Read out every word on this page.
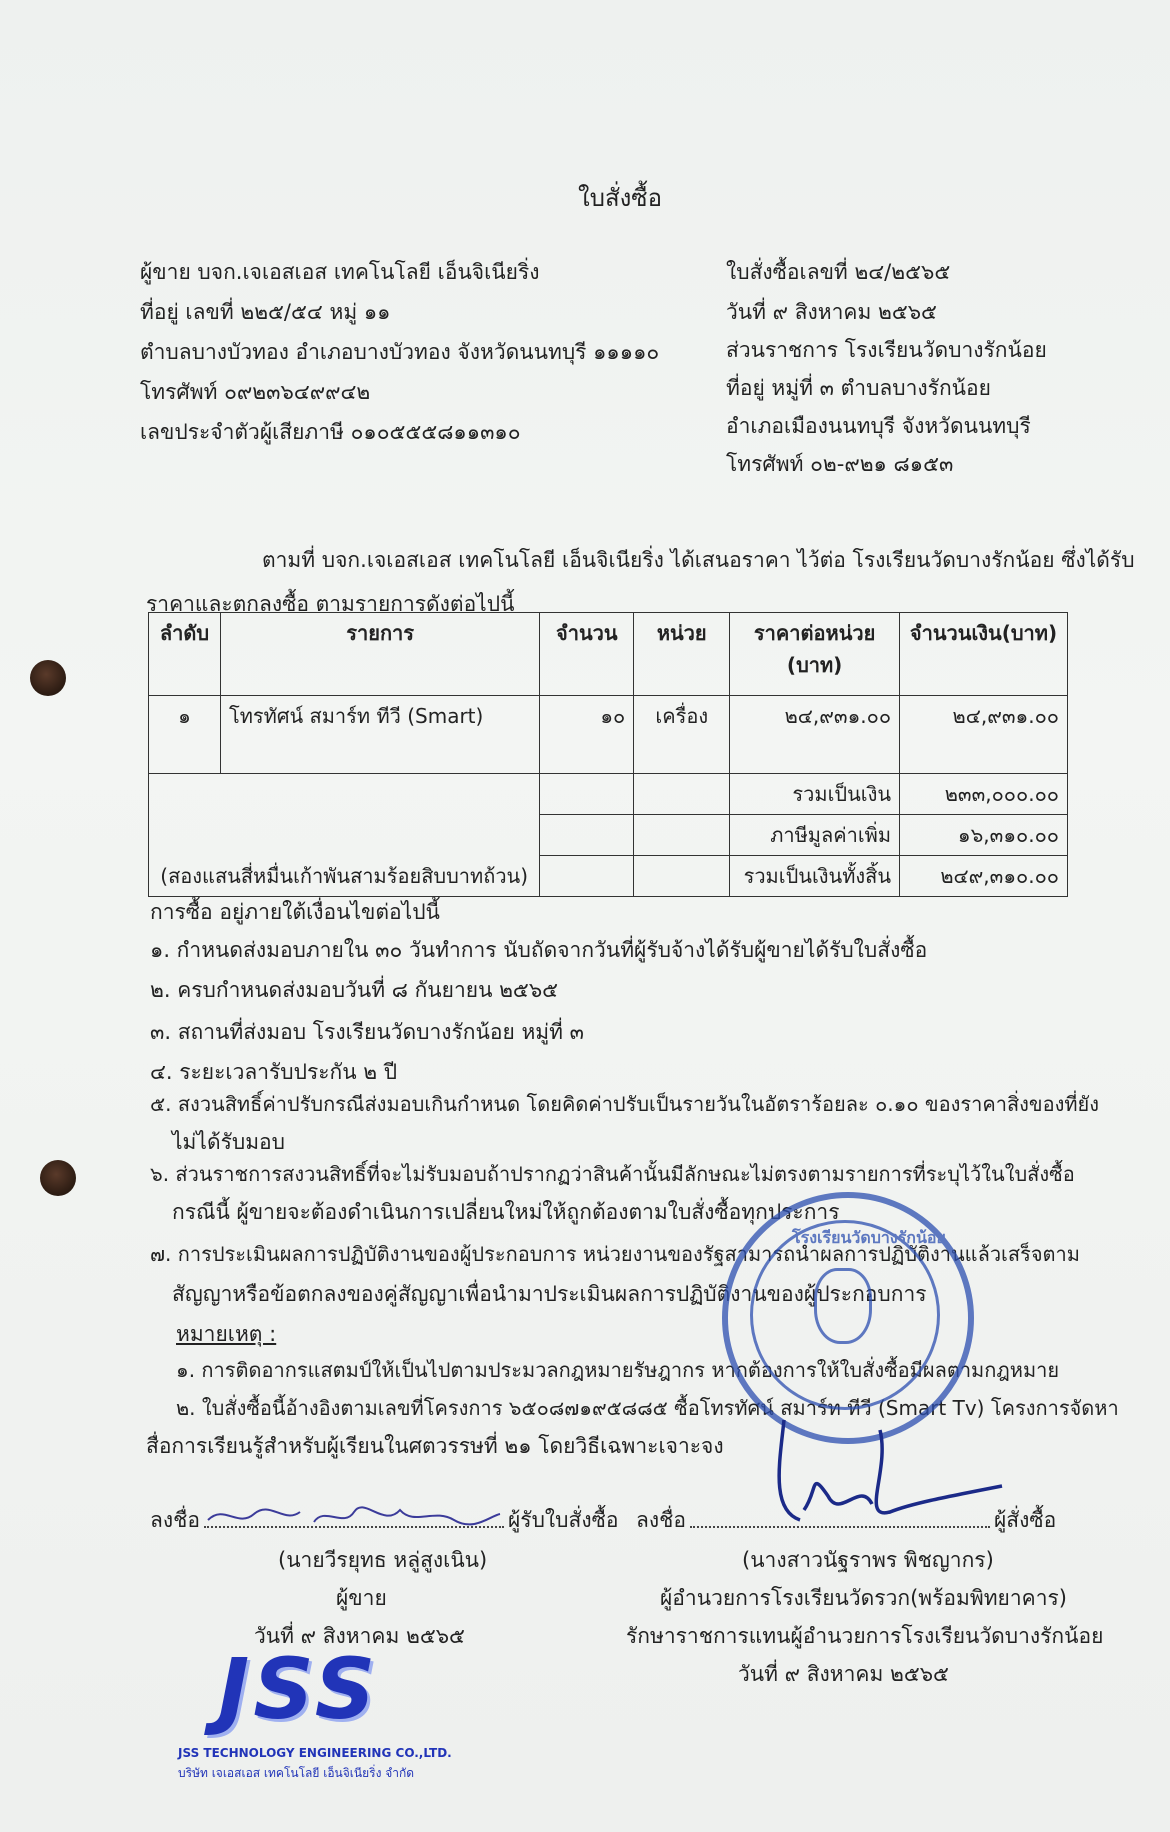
ใบสั่งซื้อ
ผู้ขาย บจก.เจเอสเอส เทคโนโลยี เอ็นจิเนียริ่ง
ที่อยู่ เลขที่ ๒๒๕/๕๔ หมู่ ๑๑
ตำบลบางบัวทอง อำเภอบางบัวทอง จังหวัดนนทบุรี ๑๑๑๑๐
โทรศัพท์ ๐๙๒๓๖๔๙๙๔๒
เลขประจำตัวผู้เสียภาษี ๐๑๐๕๕๕๘๑๑๓๑๐
ใบสั่งซื้อเลขที่ ๒๔/๒๕๖๕
วันที่ ๙ สิงหาคม ๒๕๖๕
ส่วนราชการ โรงเรียนวัดบางรักน้อย
ที่อยู่ หมู่ที่ ๓ ตำบลบางรักน้อย
อำเภอเมืองนนทบุรี จังหวัดนนทบุรี
โทรศัพท์ ๐๒-๙๒๑ ๘๑๕๓
ตามที่ บจก.เจเอสเอส เทคโนโลยี เอ็นจิเนียริ่ง ได้เสนอราคา ไว้ต่อ โรงเรียนวัดบางรักน้อย ซึ่งได้รับ
ราคาและตกลงซื้อ ตามรายการดังต่อไปนี้
ลำดับ	รายการ	จำนวน	หน่วย	ราคาต่อหน่วย (บาท)	จำนวนเงิน(บาท)
๑	โทรทัศน์ สมาร์ท ทีวี (Smart)	๑๐	เครื่อง	๒๔,๙๓๑.๐๐	๒๔,๙๓๑.๐๐
(สองแสนสี่หมื่นเก้าพันสามร้อยสิบบาทถ้วน)				รวมเป็นเงิน	๒๓๓,๐๐๐.๐๐
				ภาษีมูลค่าเพิ่ม	๑๖,๓๑๐.๐๐
				รวมเป็นเงินทั้งสิ้น	๒๔๙,๓๑๐.๐๐
การซื้อ อยู่ภายใต้เงื่อนไขต่อไปนี้
๑. กำหนดส่งมอบภายใน ๓๐ วันทำการ นับถัดจากวันที่ผู้รับจ้างได้รับผู้ขายได้รับใบสั่งซื้อ
๒. ครบกำหนดส่งมอบวันที่ ๘ กันยายน ๒๕๖๕
๓. สถานที่ส่งมอบ โรงเรียนวัดบางรักน้อย หมู่ที่ ๓
๔. ระยะเวลารับประกัน ๒ ปี
๕. สงวนสิทธิ์ค่าปรับกรณีส่งมอบเกินกำหนด โดยคิดค่าปรับเป็นรายวันในอัตราร้อยละ ๐.๑๐ ของราคาสิ่งของที่ยัง
ไม่ได้รับมอบ
๖. ส่วนราชการสงวนสิทธิ์ที่จะไม่รับมอบถ้าปรากฏว่าสินค้านั้นมีลักษณะไม่ตรงตามรายการที่ระบุไว้ในใบสั่งซื้อ
กรณีนี้ ผู้ขายจะต้องดำเนินการเปลี่ยนใหม่ให้ถูกต้องตามใบสั่งซื้อทุกประการ
๗. การประเมินผลการปฏิบัติงานของผู้ประกอบการ หน่วยงานของรัฐสามารถนำผลการปฏิบัติงานแล้วเสร็จตาม
สัญญาหรือข้อตกลงของคู่สัญญาเพื่อนำมาประเมินผลการปฏิบัติงานของผู้ประกอบการ
หมายเหตุ :
๑. การติดอากรแสตมป์ให้เป็นไปตามประมวลกฎหมายรัษฎากร หากต้องการให้ใบสั่งซื้อมีผลตามกฎหมาย
๒. ใบสั่งซื้อนี้อ้างอิงตามเลขที่โครงการ ๖๕๐๘๗๑๙๕๘๘๕ ซื้อโทรทัศน์ สมาร์ท ทีวี (Smart Tv) โครงการจัดหา
สื่อการเรียนรู้สำหรับผู้เรียนในศตวรรษที่ ๒๑ โดยวิธีเฉพาะเจาะจง
โรงเรียนวัดบางรักน้อย
ลงชื่อ	ผู้รับใบสั่งซื้อ
(นายวีรยุทธ หลู่สูงเนิน)
ผู้ขาย
วันที่ ๙ สิงหาคม ๒๕๖๕
ลงชื่อ	ผู้สั่งซื้อ
(นางสาวนัฐราพร พิชญากร)
ผู้อำนวยการโรงเรียนวัดรวก(พร้อมพิทยาคาร)
รักษาราชการแทนผู้อำนวยการโรงเรียนวัดบางรักน้อย
วันที่ ๙ สิงหาคม ๒๕๖๕
JSS
JSS TECHNOLOGY ENGINEERING CO.,LTD.
บริษัท เจเอสเอส เทคโนโลยี เอ็นจิเนียริ่ง จำกัด
